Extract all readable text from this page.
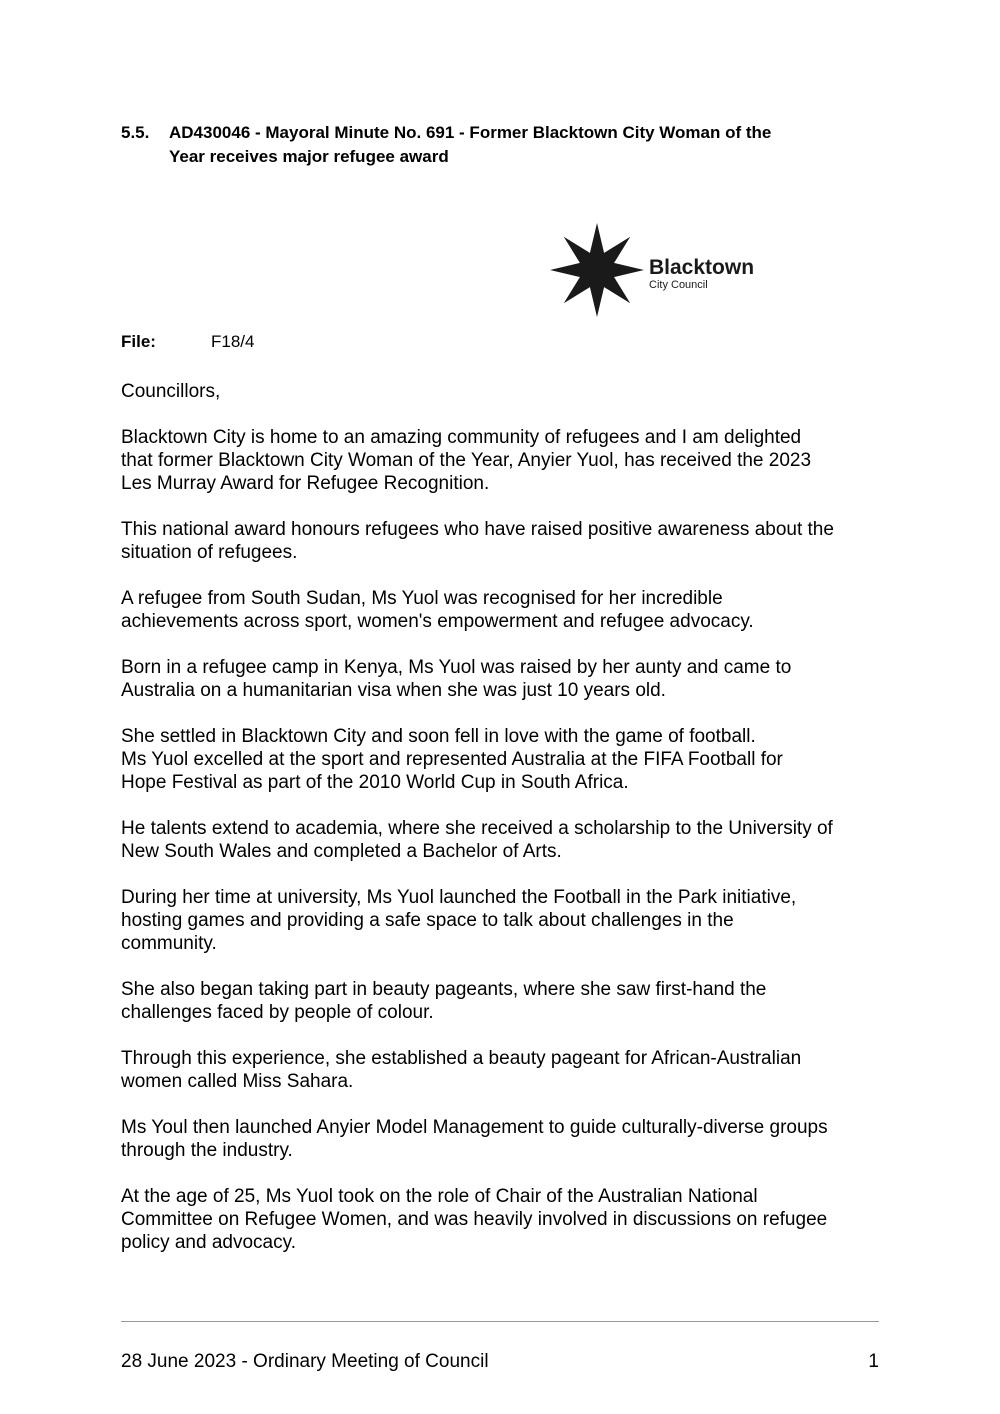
5.5. AD430046 - Mayoral Minute No. 691 - Former Blacktown City Woman of the
Year receives major refugee award
Blacktown
City Council
File:	F18/4

Councillors,

Blacktown City is home to an amazing community of refugees and I am delighted
that former Blacktown City Woman of the Year, Anyier Yuol, has received the 2023
Les Murray Award for Refugee Recognition.

This national award honours refugees who have raised positive awareness about the
situation of refugees.

A refugee from South Sudan, Ms Yuol was recognised for her incredible
achievements across sport, women's empowerment and refugee advocacy.

Born in a refugee camp in Kenya, Ms Yuol was raised by her aunty and came to
Australia on a humanitarian visa when she was just 10 years old.

She settled in Blacktown City and soon fell in love with the game of football.
Ms Yuol excelled at the sport and represented Australia at the FIFA Football for
Hope Festival as part of the 2010 World Cup in South Africa.

He talents extend to academia, where she received a scholarship to the University of
New South Wales and completed a Bachelor of Arts.

During her time at university, Ms Yuol launched the Football in the Park initiative,
hosting games and providing a safe space to talk about challenges in the
community.

She also began taking part in beauty pageants, where she saw first-hand the
challenges faced by people of colour.

Through this experience, she established a beauty pageant for African-Australian
women called Miss Sahara.

Ms Youl then launched Anyier Model Management to guide culturally-diverse groups
through the industry.

At the age of 25, Ms Yuol took on the role of Chair of the Australian National
Committee on Refugee Women, and was heavily involved in discussions on refugee
policy and advocacy.

28 June 2023 - Ordinary Meeting of Council	1
